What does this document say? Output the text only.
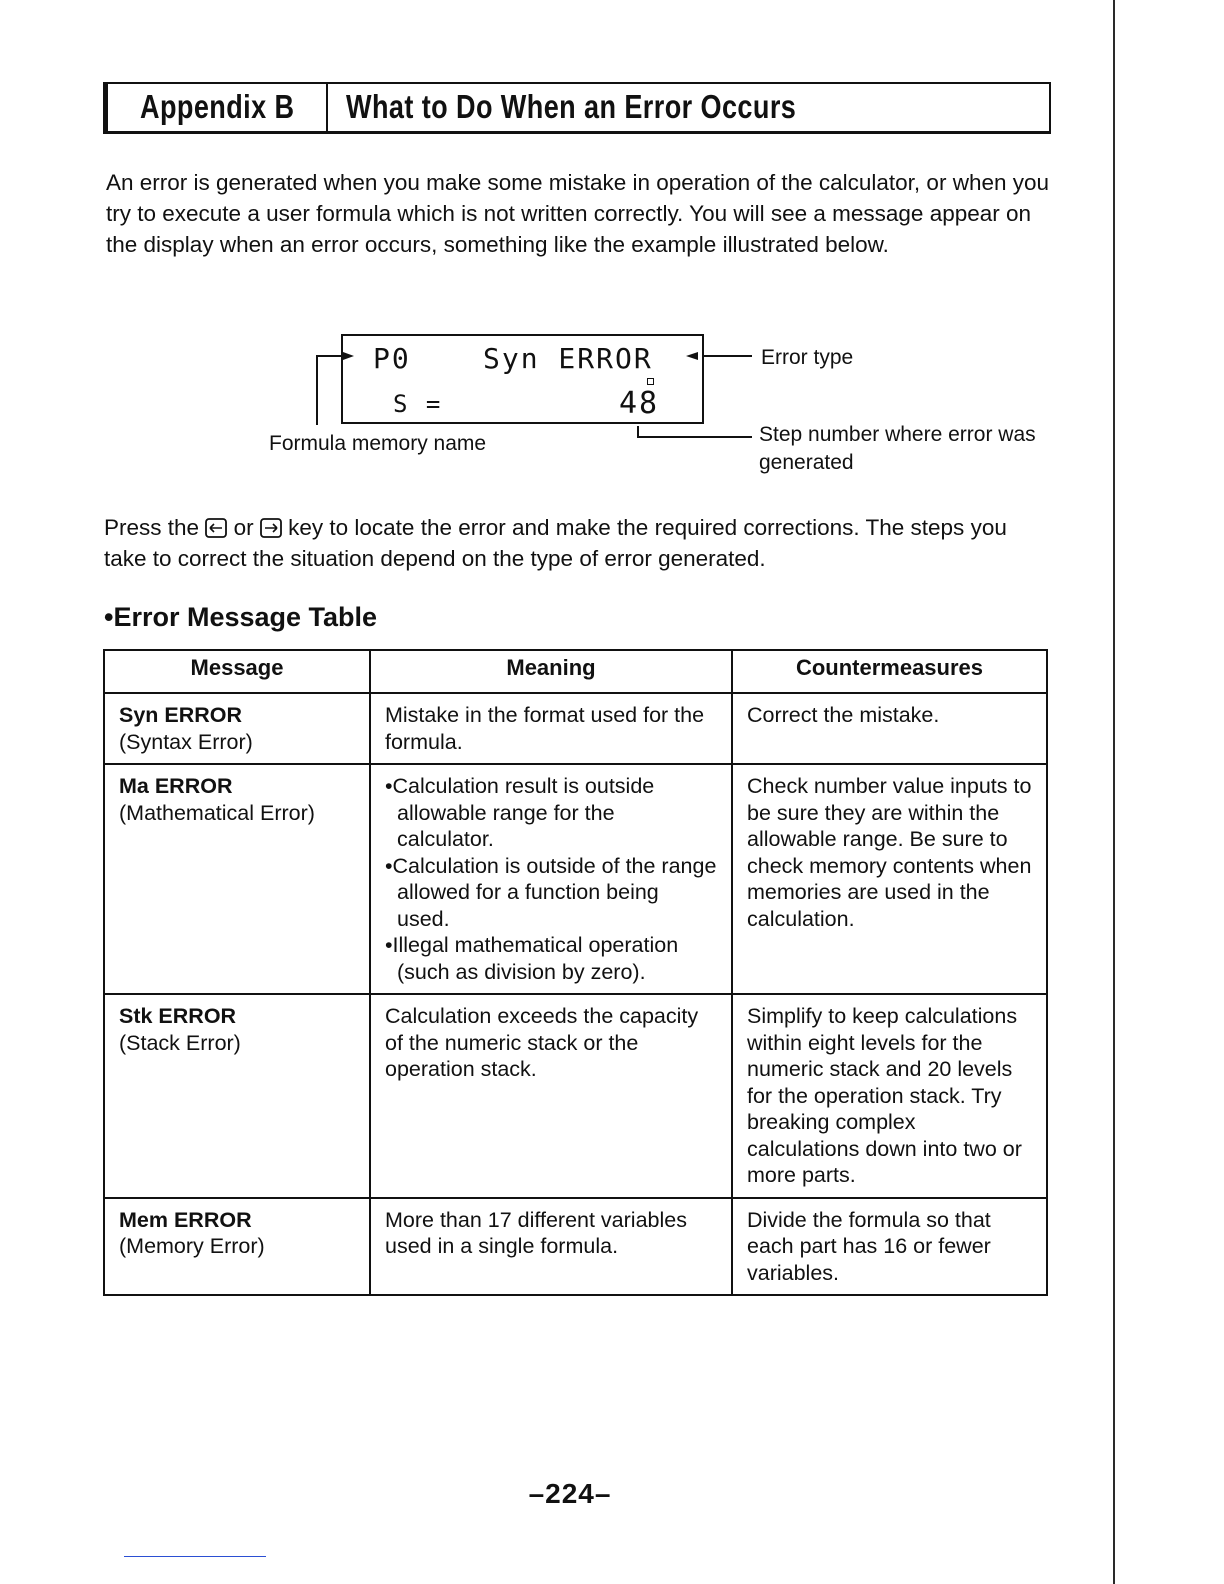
Appendix B What to Do When an Error Occurs
An error is generated when you make some mistake in operation of the calculator, or when you try to execute a user formula which is not written correctly. You will see a message appear on the display when an error occurs, something like the example illustrated below.
P0	Syn ERROR
S =	48
Error type
Formula memory name	Step number where error was generated
Press the or key to locate the error and make the required corrections. The steps you take to correct the situation depend on the type of error generated.
•Error Message Table
Message	Meaning	Countermeasures

Syn ERROR
(Syntax Error)	Mistake in the format used for the formula.	Correct the mistake.

Ma ERROR
(Mathematical Error)	•Calculation result is outside allowable range for the calculator.
•Calculation is outside of the range allowed for a function being used.
•Illegal mathematical operation (such as division by zero).	Check number value inputs to be sure they are within the allowable range. Be sure to check memory contents when memories are used in the calculation.

Stk ERROR
(Stack Error)	Calculation exceeds the capacity of the numeric stack or the operation stack.	Simplify to keep calculations within eight levels for the numeric stack and 20 levels for the operation stack. Try breaking complex calculations down into two or more parts.

Mem ERROR
(Memory Error)	More than 17 different variables used in a single formula.	Divide the formula so that each part has 16 or fewer variables.
–224–
